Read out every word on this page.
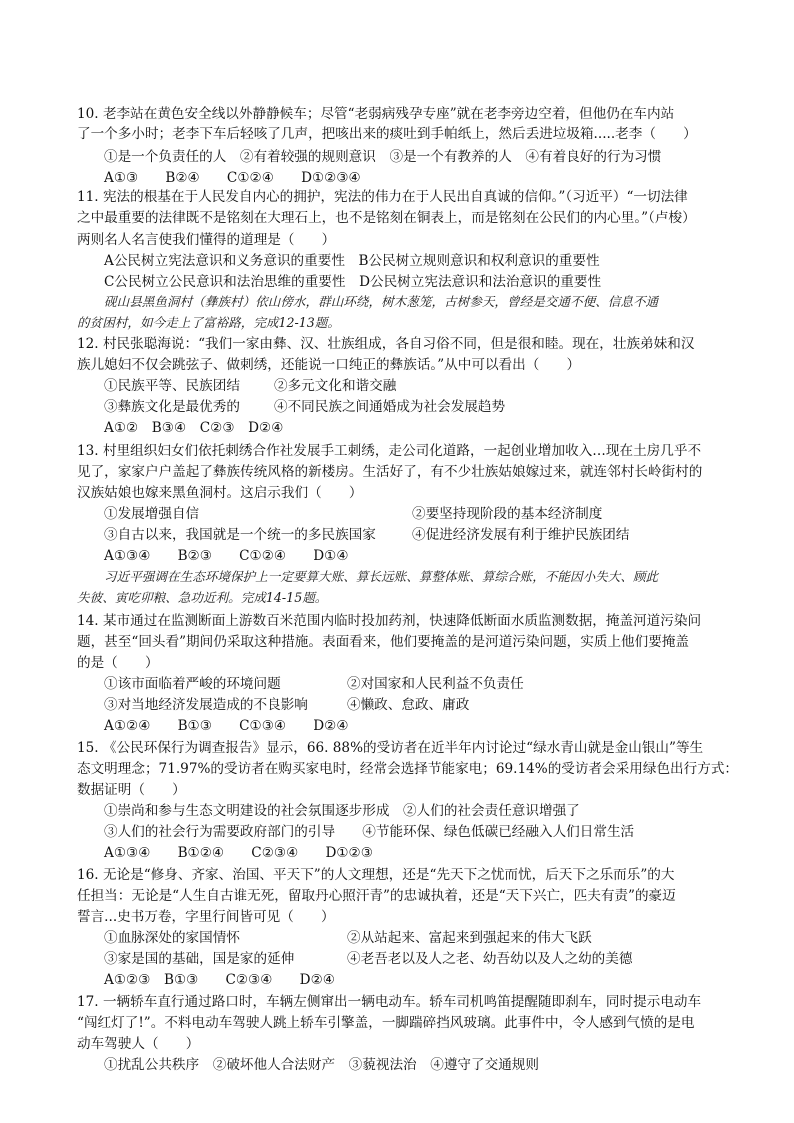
10. 老李站在黄色安全线以外静静候车；尽管“老弱病残孕专座”就在老李旁边空着，但他仍在车内站
了一个多小时；老李下车后轻咳了几声，把咳出来的痰吐到手帕纸上，然后丢进垃圾箱.....老李（　　）
①是一个负责任的人　②有着较强的规则意识　③是一个有教养的人　④有着良好的行为习惯
A①③　　B②④　　C①②④　　D①②③④
11. 宪法的根基在于人民发自内心的拥护，宪法的伟力在于人民出自真诚的信仰。”（习近平）“一切法律
之中最重要的法律既不是铭刻在大理石上，也不是铭刻在铜表上，而是铭刻在公民们的内心里。”（卢梭）
两则名人名言使我们懂得的道理是（　　）
A公民树立宪法意识和义务意识的重要性　B公民树立规则意识和权利意识的重要性
C公民树立公民意识和法治思维的重要性　D公民树立宪法意识和法治意识的重要性
砚山县黑鱼洞村（彝族村）依山傍水，群山环绕，树木葱笼，古树参天，曾经是交通不便、信息不通
的贫困村，如今走上了富裕路，完成12-13题。
12. 村民张聪海说：“我们一家由彝、汉、壮族组成，各自习俗不同，但是很和睦。现在，壮族弟妹和汉
族儿媳妇不仅会跳弦子、做刺绣，还能说一口纯正的彝族话。”从中可以看出（　　）
①民族平等、民族团结	②多元文化和谐交融
③彝族文化是最优秀的	④不同民族之间通婚成为社会发展趋势
A①②　B③④　C②③　D②④
13. 村里组织妇女们依托刺绣合作社发展手工刺绣，走公司化道路，一起创业增加收入…现在土房几乎不
见了，家家户户盖起了彝族传统风格的新楼房。生活好了，有不少壮族姑娘嫁过来，就连邻村长岭街村的
汉族姑娘也嫁来黑鱼洞村。这启示我们（　　）
①发展增强自信	②要坚持现阶段的基本经济制度
③自古以来，我国就是一个统一的多民族国家	④促进经济发展有利于维护民族团结
A①③④　　B②③　　C①②④　　D①④
习近平强调在生态环境保护上一定要算大账、算长远账、算整体账、算综合账，不能因小失大、顾此
失彼、寅吃卯粮、急功近利。完成14-15题。
14. 某市通过在监测断面上游数百米范围内临时投加药剂，快速降低断面水质监测数据，掩盖河道污染问
题，甚至“回头看”期间仍采取这种措施。表面看来，他们要掩盖的是河道污染问题，实质上他们要掩盖
的是（　　）
①该市面临着严峻的环境问题	②对国家和人民利益不负责任
③对当地经济发展造成的不良影响	④懒政、怠政、庸政
A①②④　　B①③　　C①③④　　D②④
15. 《公民环保行为调查报告》显示，66. 88%的受访者在近半年内讨论过“绿水青山就是金山银山”等生
态文明理念；71.97%的受访者在购买家电时，经常会选择节能家电；69.14%的受访者会采用绿色出行方式：
数据证明（　　）
①崇尚和参与生态文明建设的社会氛围逐步形成　②人们的社会责任意识增强了
③人们的社会行为需要政府部门的引导　　④节能环保、绿色低碳已经融入人们日常生活
A①③④　　B①②④　　C②③④　　D①②③
16. 无论是“修身、齐家、治国、平天下”的人文理想，还是“先天下之忧而忧，后天下之乐而乐”的大
任担当：无论是“人生自古谁无死，留取丹心照汗青”的忠诚执着，还是“天下兴亡，匹夫有责”的豪迈
誓言...史书万卷，字里行间皆可见（　　）
①血脉深处的家国情怀	②从站起来、富起来到强起来的伟大飞跃
③家是国的基础，国是家的延伸	④老吾老以及人之老、幼吾幼以及人之幼的美德
A①②③　B①③　　C②③④　　D②④
17. 一辆轿车直行通过路口时，车辆左侧窜出一辆电动车。轿车司机鸣笛提醒随即刹车，同时提示电动车
“闯红灯了!”。不料电动车驾驶人跳上轿车引擎盖，一脚踹碎挡风玻璃。此事件中，令人感到气愤的是电
动车驾驶人（　　）
①扰乱公共秩序　②破坏他人合法财产　③藐视法治　④遵守了交通规则
